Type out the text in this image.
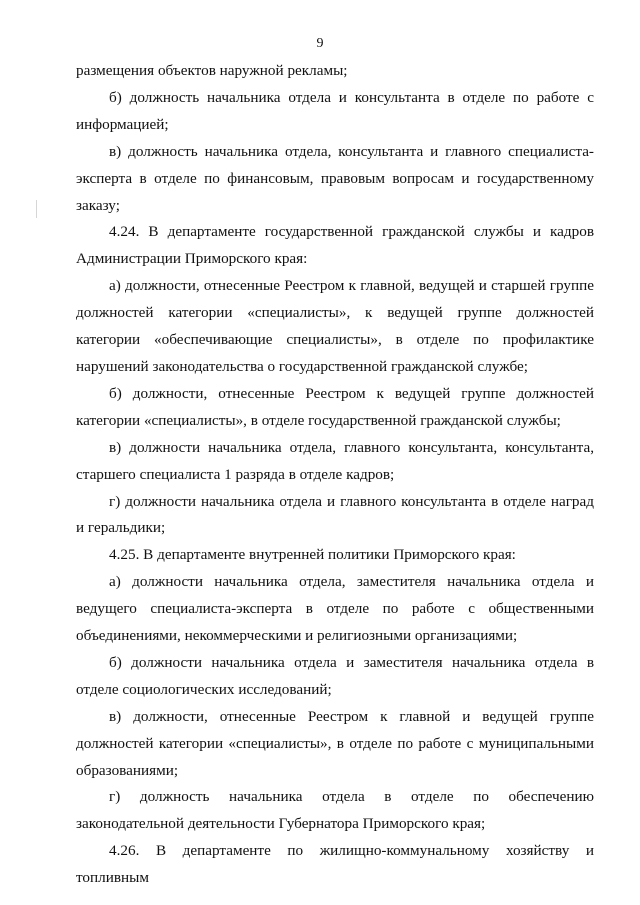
9

размещения объектов наружной рекламы;

б) должность начальника отдела и консультанта в отделе по работе с информацией;

в) должность начальника отдела, консультанта и главного специалиста-эксперта в отделе по финансовым, правовым вопросам и государственному заказу;

4.24. В департаменте государственной гражданской службы и кадров Администрации Приморского края:

а) должности, отнесенные Реестром к главной, ведущей и старшей группе должностей категории «специалисты», к ведущей группе должностей категории «обеспечивающие специалисты», в отделе по профилактике нарушений законодательства о государственной гражданской службе;

б) должности, отнесенные Реестром к ведущей группе должностей категории «специалисты», в отделе государственной гражданской службы;

в) должности начальника отдела, главного консультанта, консультанта, старшего специалиста 1 разряда в отделе кадров;

г) должности начальника отдела и главного консультанта в отделе наград и геральдики;

4.25. В департаменте внутренней политики Приморского края:

а) должности начальника отдела, заместителя начальника отдела и ведущего специалиста-эксперта в отделе по работе с общественными объединениями, некоммерческими и религиозными организациями;

б) должности начальника отдела и заместителя начальника отдела в отделе социологических исследований;

в) должности, отнесенные Реестром к главной и ведущей группе должностей категории «специалисты», в отделе по работе с муниципальными образованиями;

г) должность начальника отдела в отделе по обеспечению законодательной деятельности Губернатора Приморского края;

4.26. В департаменте по жилищно-коммунальному хозяйству и топливным
